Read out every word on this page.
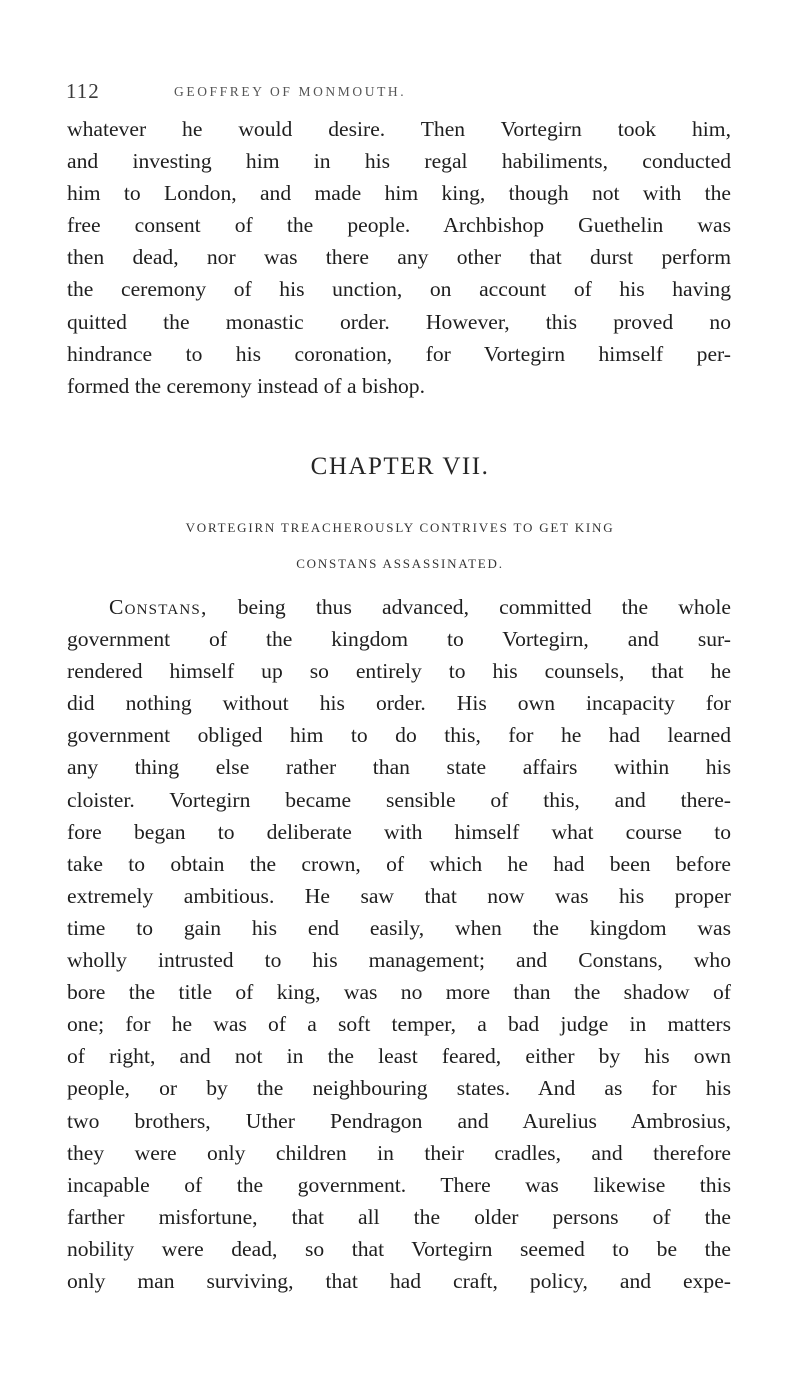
112	GEOFFREY OF MONMOUTH.
whatever he would desire. Then Vortegirn took him,
and investing him in his regal habiliments, conducted
him to London, and made him king, though not with the
free consent of the people. Archbishop Guethelin was
then dead, nor was there any other that durst perform
the ceremony of his unction, on account of his having
quitted the monastic order. However, this proved no
hindrance to his coronation, for Vortegirn himself per-
formed the ceremony instead of a bishop.
CHAPTER VII.
VORTEGIRN TREACHEROUSLY CONTRIVES TO GET KING
CONSTANS ASSASSINATED.
Constans, being thus advanced, committed the whole
government of the kingdom to Vortegirn, and sur-
rendered himself up so entirely to his counsels, that he
did nothing without his order. His own incapacity for
government obliged him to do this, for he had learned
any thing else rather than state affairs within his
cloister. Vortegirn became sensible of this, and there-
fore began to deliberate with himself what course to
take to obtain the crown, of which he had been before
extremely ambitious. He saw that now was his proper
time to gain his end easily, when the kingdom was
wholly intrusted to his management; and Constans, who
bore the title of king, was no more than the shadow of
one; for he was of a soft temper, a bad judge in matters
of right, and not in the least feared, either by his own
people, or by the neighbouring states. And as for his
two brothers, Uther Pendragon and Aurelius Ambrosius,
they were only children in their cradles, and therefore
incapable of the government. There was likewise this
farther misfortune, that all the older persons of the
nobility were dead, so that Vortegirn seemed to be the
only man surviving, that had craft, policy, and expe-
